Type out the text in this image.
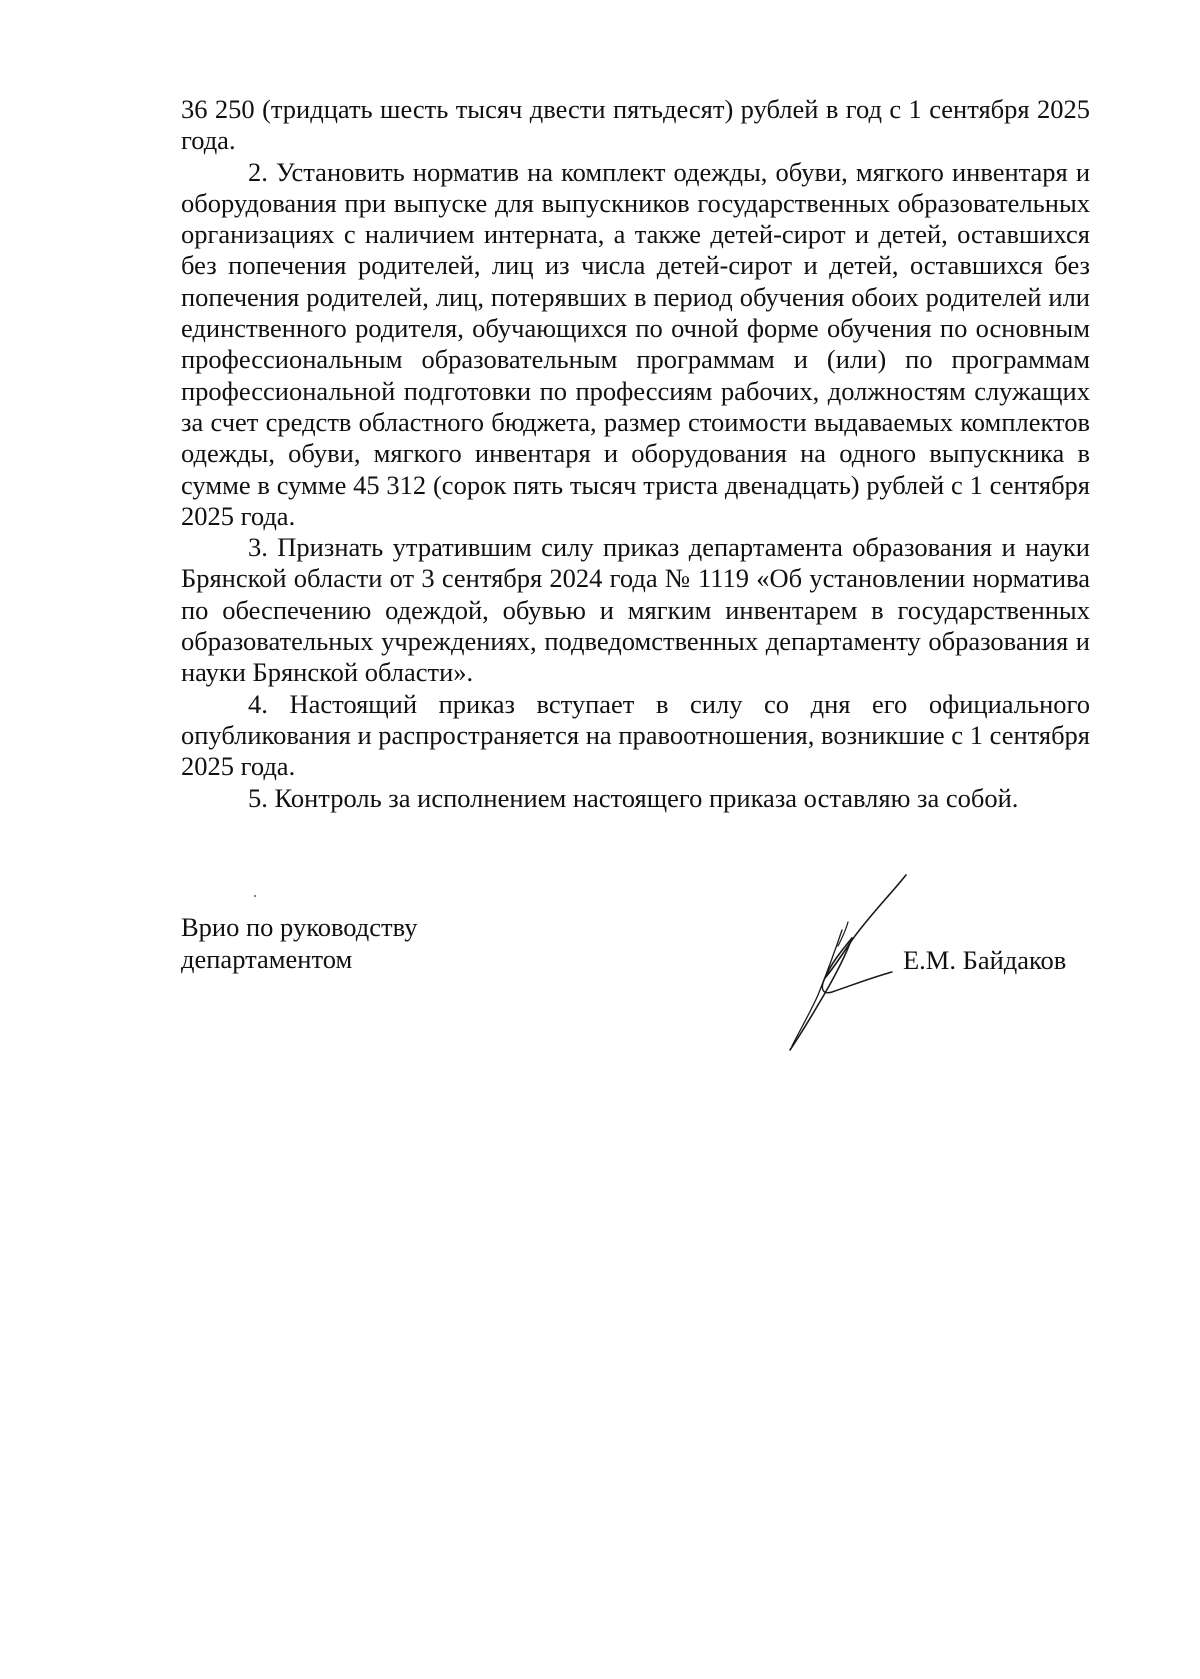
36 250 (тридцать шесть тысяч двести пятьдесят) рублей в год с 1 сентября 2025 года.

2. Установить норматив на комплект одежды, обуви, мягкого инвентаря и оборудования при выпуске для выпускников государственных образовательных организациях с наличием интерната, а также детей-сирот и детей, оставшихся без попечения родителей, лиц из числа детей-сирот и детей, оставшихся без попечения родителей, лиц, потерявших в период обучения обоих родителей или единственного родителя, обучающихся по очной форме обучения по основным профессиональным образовательным программам и (или) по программам профессиональной подготовки по профессиям рабочих, должностям служащих за счет средств областного бюджета, размер стоимости выдаваемых комплектов одежды, обуви, мягкого инвентаря и оборудования на одного выпускника в сумме в сумме 45 312 (сорок пять тысяч триста двенадцать) рублей с 1 сентября 2025 года.

3. Признать утратившим силу приказ департамента образования и науки Брянской области от 3 сентября 2024 года № 1119 «Об установлении норматива по обеспечению одеждой, обувью и мягким инвентарем в государственных образовательных учреждениях, подведомственных департаменту образования и науки Брянской области».

4. Настоящий приказ вступает в силу со дня его официального опубликования и распространяется на правоотношения, возникшие с 1 сентября 2025 года.

5. Контроль за исполнением настоящего приказа оставляю за собой.

Врио по руководству
департаментом	Е.М. Байдаков
